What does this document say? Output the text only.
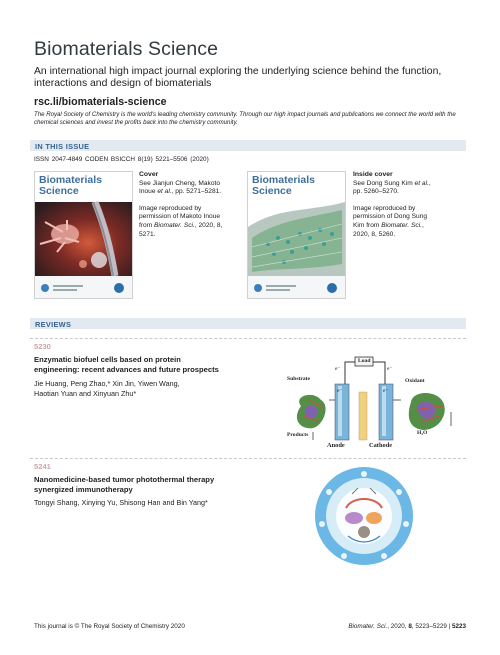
Biomaterials Science
An international high impact journal exploring the underlying science behind the function, interactions and design of biomaterials
rsc.li/biomaterials-science
The Royal Society of Chemistry is the world's leading chemistry community. Through our high impact journals and publications we connect the world with the chemical sciences and invest the profits back into the chemistry community.
IN THIS ISSUE
ISSN 2047-4849 CODEN BSICCH 8(19) 5221–5506 (2020)
Biomaterials
Science
Cover
See Jianjun Cheng, Makoto
Inoue et al., pp. 5271–5281.
Image reproduced by
permission of Makoto Inoue
from Biomater. Sci., 2020, 8,
5271.
Biomaterials
Science
Inside cover
See Dong Sung Kim et al.,
pp. 5260–5270.
Image reproduced by
permission of Dong Sung
Kim from Biomater. Sci.,
2020, 8, 5260.
REVIEWS
5230
Enzymatic biofuel cells based on protein
engineering: recent advances and future prospects
Jie Huang, Peng Zhao,* Xin Jin, Yiwen Wang,
Haotian Yuan and Xinyuan Zhu*
Load
e⁻	e⁻
e⁻	e⁻
Substrate
Products
Oxidant
H₂O
Anode	Cathode
5241
Nanomedicine-based tumor photothermal therapy
synergized immunotherapy
Tongyi Shang, Xinying Yu, Shisong Han and Bin Yang*
This journal is © The Royal Society of Chemistry 2020	Biomater. Sci., 2020, 8, 5223–5229 | 5223
